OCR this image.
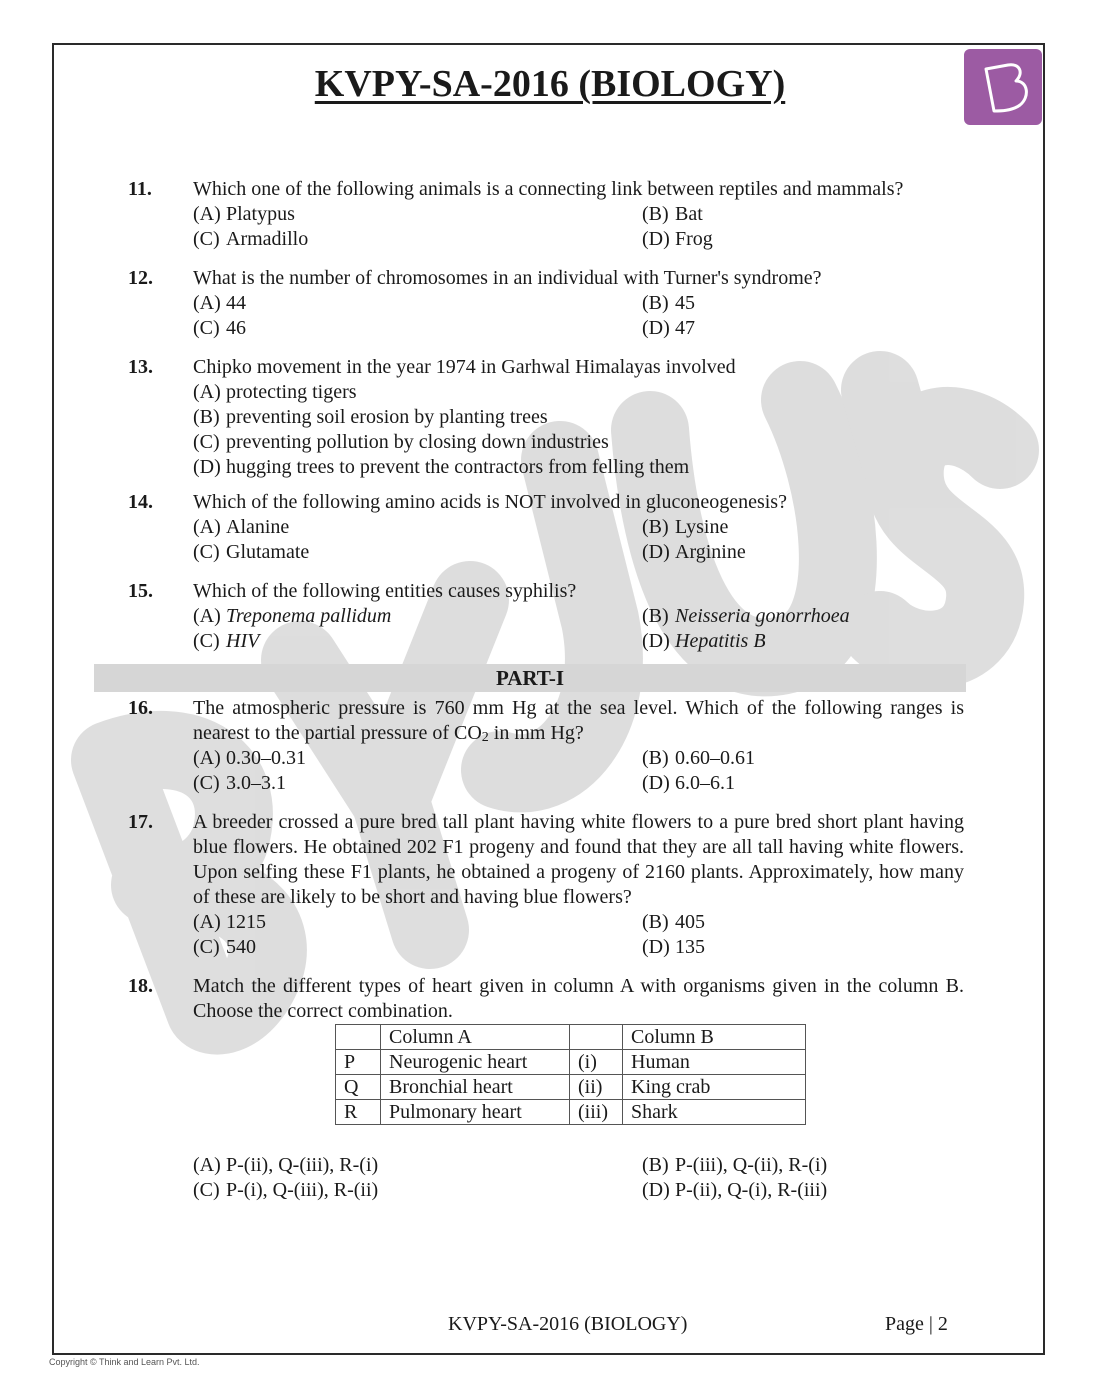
KVPY-SA-2016 (BIOLOGY)
11. Which one of the following animals is a connecting link between reptiles and mammals?
(A) Platypus	(B) Bat
(C) Armadillo	(D) Frog
12. What is the number of chromosomes in an individual with Turner's syndrome?
(A) 44	(B) 45
(C) 46	(D) 47
13. Chipko movement in the year 1974 in Garhwal Himalayas involved
(A) protecting tigers
(B) preventing soil erosion by planting trees
(C) preventing pollution by closing down industries
(D) hugging trees to prevent the contractors from felling them
14. Which of the following amino acids is NOT involved in gluconeogenesis?
(A) Alanine	(B) Lysine
(C) Glutamate	(D) Arginine
15. Which of the following entities causes syphilis?
(A) Treponema pallidum	(B) Neisseria gonorrhoea
(C) HIV	(D) Hepatitis B
PART-I
16. The atmospheric pressure is 760 mm Hg at the sea level. Which of the following ranges is nearest to the partial pressure of $CO_2$ in mm Hg?
(A) 0.30–0.31	(B) 0.60–0.61
(C) 3.0–3.1	(D) 6.0–6.1
17. A breeder crossed a pure bred tall plant having white flowers to a pure bred short plant having blue flowers. He obtained 202 F1 progeny and found that they are all tall having white flowers. Upon selfing these F1 plants, he obtained a progeny of 2160 plants. Approximately, how many of these are likely to be short and having blue flowers?
(A) 1215	(B) 405
(C) 540	(D) 135
18. Match the different types of heart given in column A with organisms given in the column B. Choose the correct combination.
	Column A		Column B
P	Neurogenic heart	(i)	Human
Q	Bronchial heart	(ii)	King crab
R	Pulmonary heart	(iii)	Shark
(A) P-(ii), Q-(iii), R-(i)	(B) P-(iii), Q-(ii), R-(i)
(C) P-(i), Q-(iii), R-(ii)	(D) P-(ii), Q-(i), R-(iii)
KVPY-SA-2016 (BIOLOGY)	Page | 2
Copyright © Think and Learn Pvt. Ltd.
